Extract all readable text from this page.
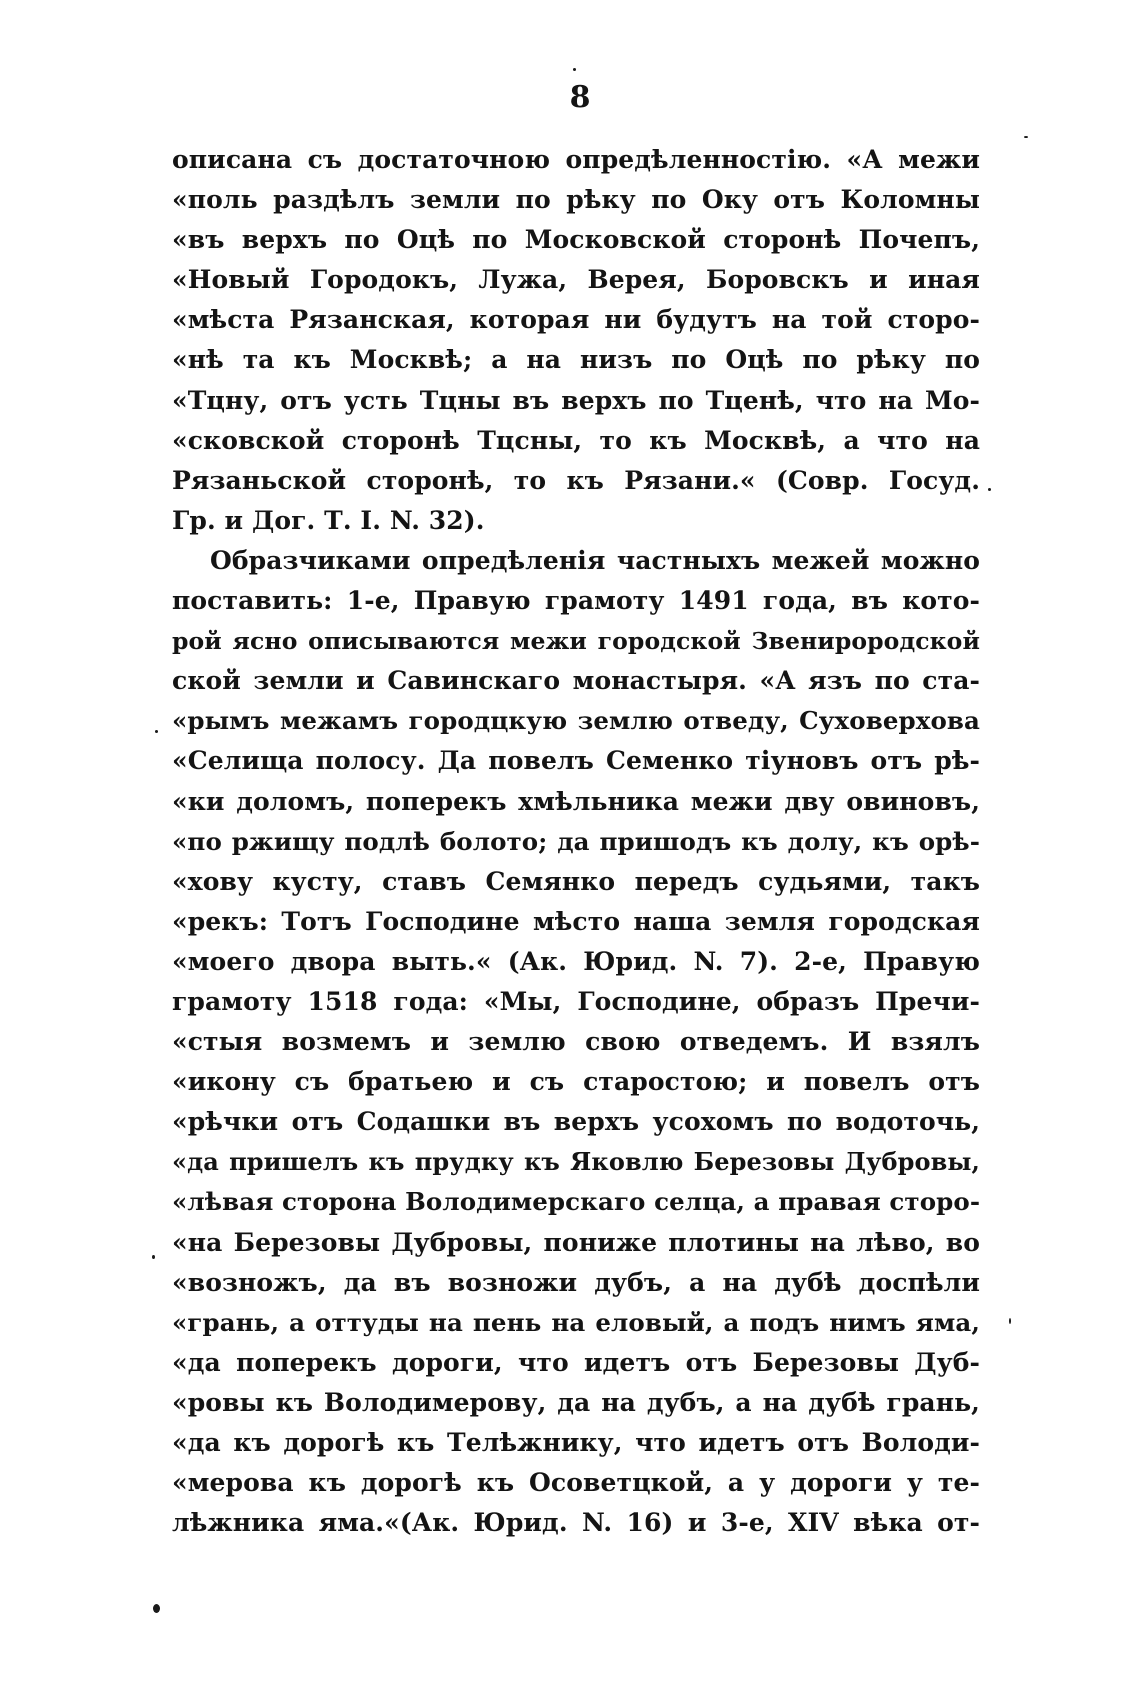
8
описана съ достаточною опредѣленностію. «А межи
«поль раздѣлъ земли по рѣку по Оку отъ Коломны
«въ верхъ по Оцѣ по Московской сторонѣ Почепъ,
«Новый Городокъ, Лужа, Верея, Боровскъ и иная
«мѣста Рязанская, которая ни будутъ на той сторо-
«нѣ та къ Москвѣ; а на низъ по Оцѣ по рѣку по
«Тцну, отъ усть Тцны въ верхъ по Тценѣ, что на Мо-
«сковской сторонѣ Тцсны, то къ Москвѣ, а что на
Рязаньской сторонѣ, то къ Рязани.« (Совр. Госуд.
Гр. и Дог. Т. I. N. 32).
Образчиками опредѣленія частныхъ межей можно
поставить: 1-е, Правую грамоту 1491 года, въ кото-
рой ясно описываются межи городской Звенирородской
ской земли и Савинскаго монастыря. «А язъ по ста-
«рымъ межамъ городцкую землю отведу, Суховерхова
«Селища полосу. Да повелъ Семенко тіуновъ отъ рѣ-
«ки доломъ, поперекъ хмѣльника межи дву овиновъ,
«по ржищу подлѣ болото; да пришодъ къ долу, къ орѣ-
«хову кусту, ставъ Семянко передъ судьями, такъ
«рекъ: Тотъ Господине мѣсто наша земля городская
«моего двора выть.« (Ак. Юрид. N. 7). 2-е, Правую
грамоту 1518 года: «Мы, Господине, образъ Пречи-
«стыя возмемъ и землю свою отведемъ. И взялъ
«икону съ братьею и съ старостою; и повелъ отъ
«рѣчки отъ Содашки въ верхъ усохомъ по водоточь,
«да пришелъ къ прудку къ Яковлю Березовы Дубровы,
«лѣвая сторона Володимерскаго селца, а правая сторо-
«на Березовы Дубровы, пониже плотины на лѣво, во
«возножъ, да въ возножи дубъ, а на дубѣ доспѣли
«грань, а оттуды на пень на еловый, а подъ нимъ яма,
«да поперекъ дороги, что идетъ отъ Березовы Дуб-
«ровы къ Володимерову, да на дубъ, а на дубѣ грань,
«да къ дорогѣ къ Телѣжнику, что идетъ отъ Володи-
«мерова къ дорогѣ къ Осоветцкой, а у дороги у те-
лѣжника яма.«(Ак. Юрид. N. 16) и 3-е, XIV вѣка от-
